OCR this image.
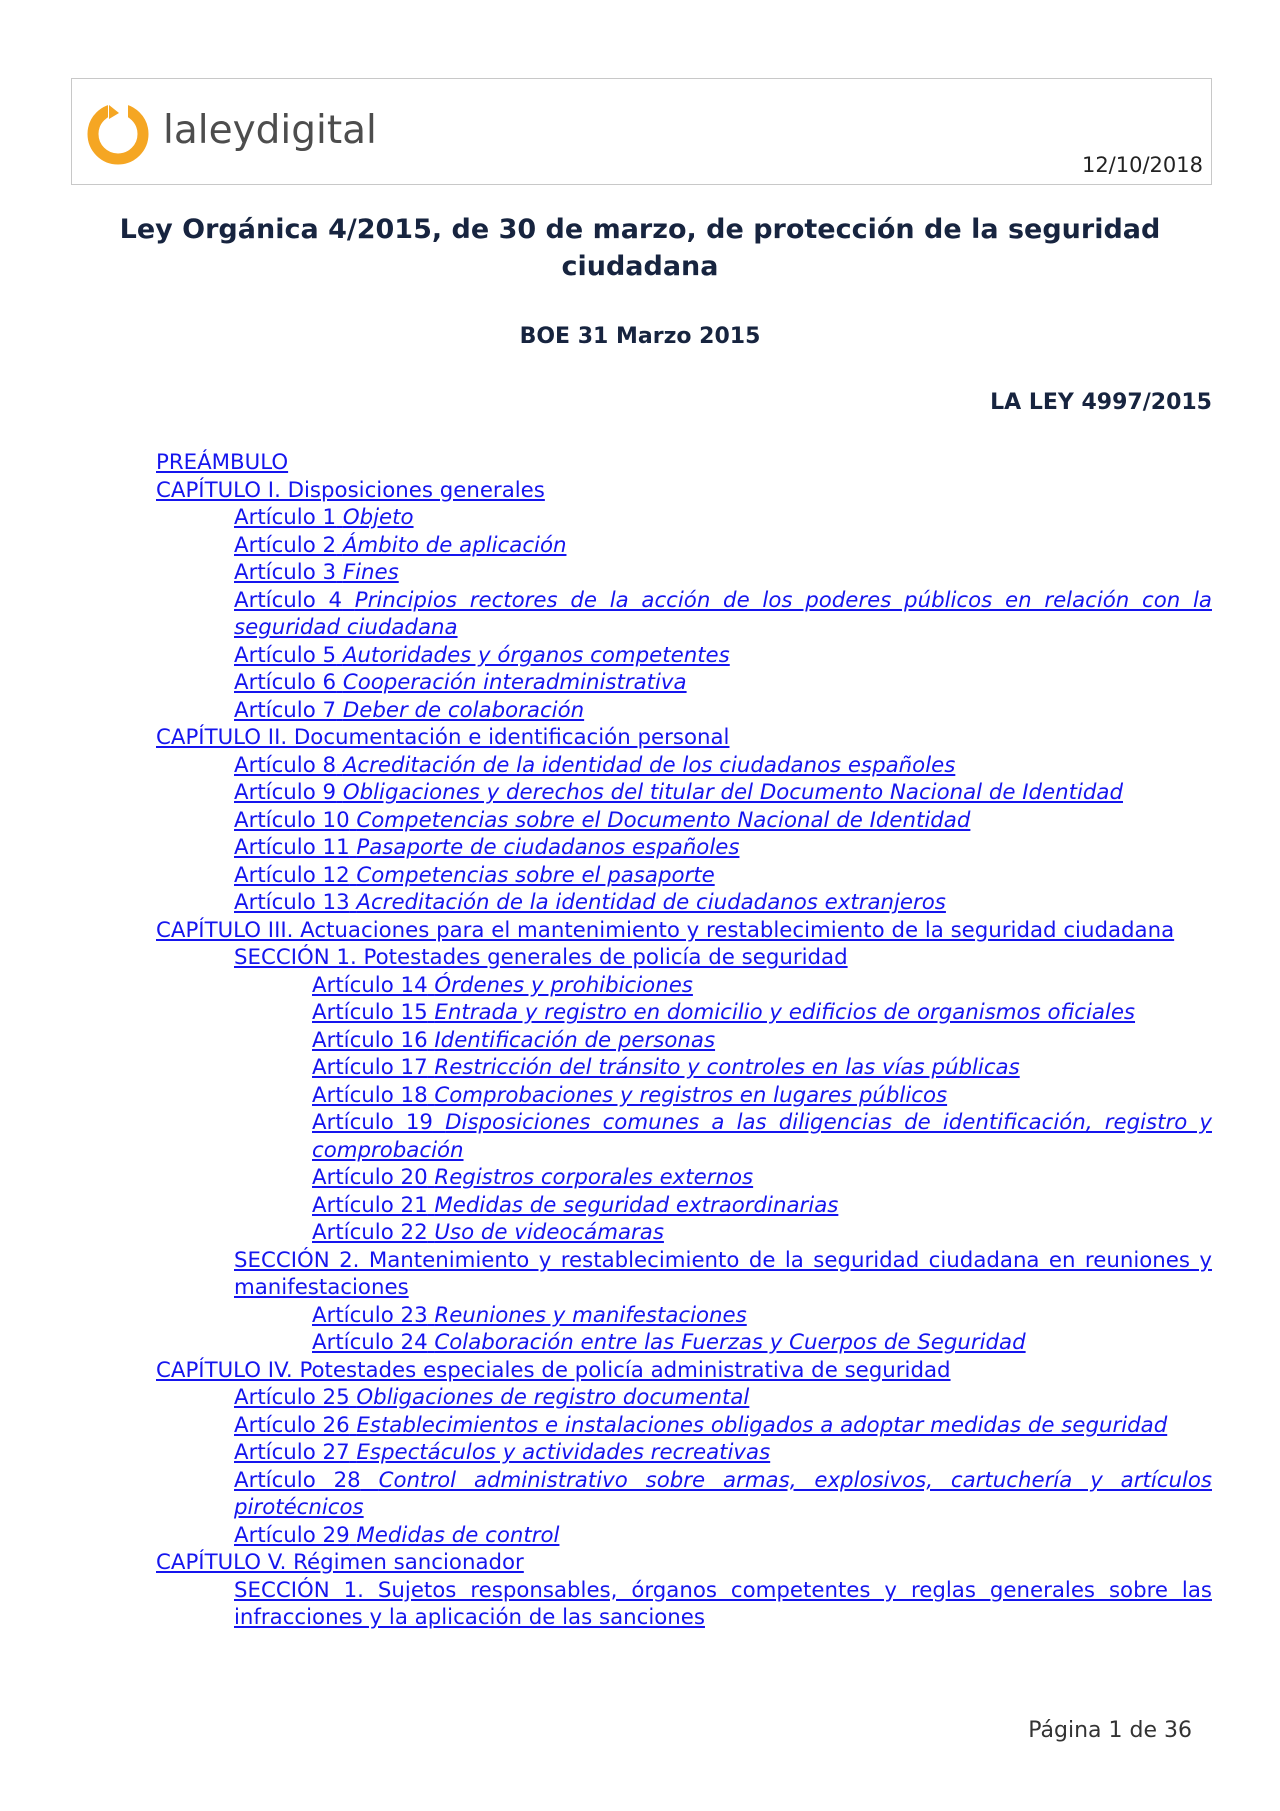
laleydigital
12/10/2018
Ley Orgánica 4/2015, de 30 de marzo, de protección de la seguridad ciudadana

BOE 31 Marzo 2015

LA LEY 4997/2015

PREÁMBULO
CAPÍTULO I. Disposiciones generales
Artículo 1 Objeto
Artículo 2 Ámbito de aplicación
Artículo 3 Fines
Artículo 4 Principios rectores de la acción de los poderes públicos en relación con la seguridad ciudadana
Artículo 5 Autoridades y órganos competentes
Artículo 6 Cooperación interadministrativa
Artículo 7 Deber de colaboración
CAPÍTULO II. Documentación e identificación personal
Artículo 8 Acreditación de la identidad de los ciudadanos españoles
Artículo 9 Obligaciones y derechos del titular del Documento Nacional de Identidad
Artículo 10 Competencias sobre el Documento Nacional de Identidad
Artículo 11 Pasaporte de ciudadanos españoles
Artículo 12 Competencias sobre el pasaporte
Artículo 13 Acreditación de la identidad de ciudadanos extranjeros
CAPÍTULO III. Actuaciones para el mantenimiento y restablecimiento de la seguridad ciudadana
SECCIÓN 1. Potestades generales de policía de seguridad
Artículo 14 Órdenes y prohibiciones
Artículo 15 Entrada y registro en domicilio y edificios de organismos oficiales
Artículo 16 Identificación de personas
Artículo 17 Restricción del tránsito y controles en las vías públicas
Artículo 18 Comprobaciones y registros en lugares públicos
Artículo 19 Disposiciones comunes a las diligencias de identificación, registro y comprobación
Artículo 20 Registros corporales externos
Artículo 21 Medidas de seguridad extraordinarias
Artículo 22 Uso de videocámaras
SECCIÓN 2. Mantenimiento y restablecimiento de la seguridad ciudadana en reuniones y manifestaciones
Artículo 23 Reuniones y manifestaciones
Artículo 24 Colaboración entre las Fuerzas y Cuerpos de Seguridad
CAPÍTULO IV. Potestades especiales de policía administrativa de seguridad
Artículo 25 Obligaciones de registro documental
Artículo 26 Establecimientos e instalaciones obligados a adoptar medidas de seguridad
Artículo 27 Espectáculos y actividades recreativas
Artículo 28 Control administrativo sobre armas, explosivos, cartuchería y artículos pirotécnicos
Artículo 29 Medidas de control
CAPÍTULO V. Régimen sancionador
SECCIÓN 1. Sujetos responsables, órganos competentes y reglas generales sobre las infracciones y la aplicación de las sanciones
Página 1 de 36
